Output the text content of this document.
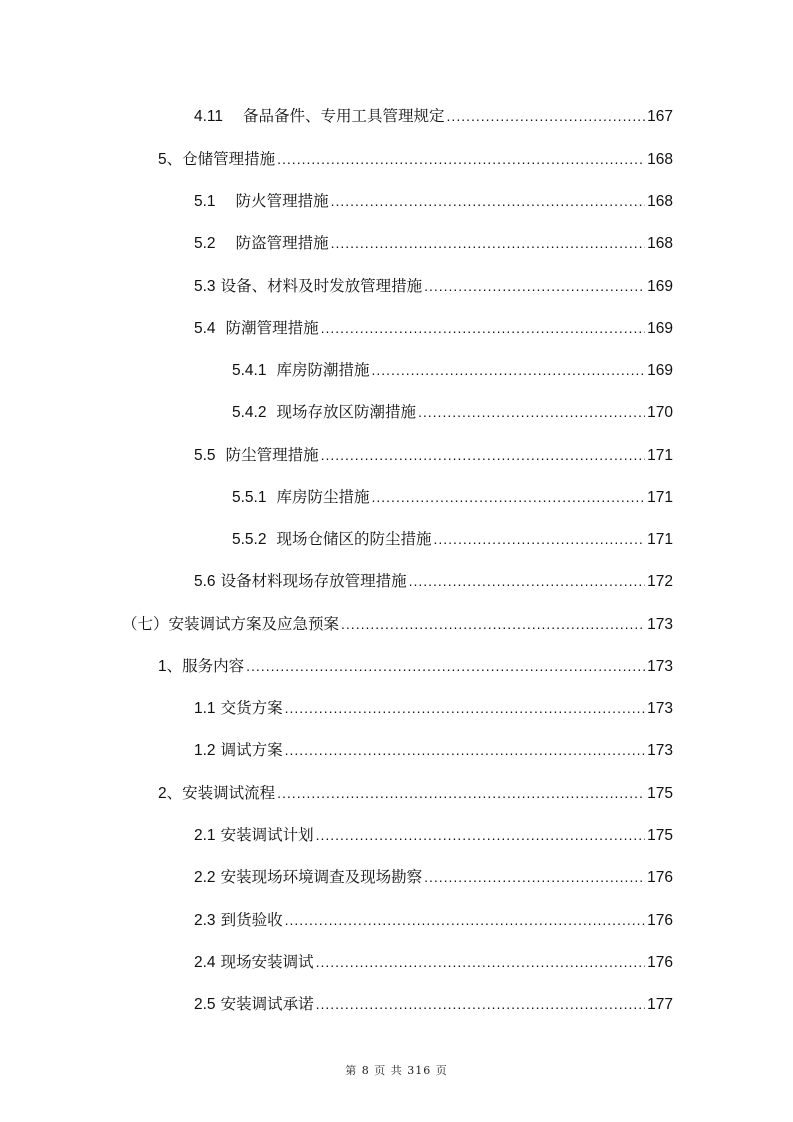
4.11 备品备件、专用工具管理规定 .....	167
5、 仓储管理措施 .....	168
5.1 防火管理措施 .....	168
5.2 防盗管理措施 .....	168
5.3 设备、材料及时发放管理措施 .....	169
5.4 防潮管理措施 .....	169
5.4.1 库房防潮措施 .....	169
5.4.2 现场存放区防潮措施 .....	170
5.5 防尘管理措施 .....	171
5.5.1 库房防尘措施 .....	171
5.5.2 现场仓储区的防尘措施 .....	171
5.6 设备材料现场存放管理措施 .....	172
（七） 安装调试方案及应急预案 .....	173
1、 服务内容 .....	173
1.1 交货方案 .....	173
1.2 调试方案 .....	173
2、 安装调试流程 .....	175
2.1 安装调试计划 .....	175
2.2 安装现场环境调查及现场勘察 .....	176
2.3 到货验收 .....	176
2.4 现场安装调试 .....	176
2.5 安装调试承诺 .....	177
第 8 页 共 316 页
